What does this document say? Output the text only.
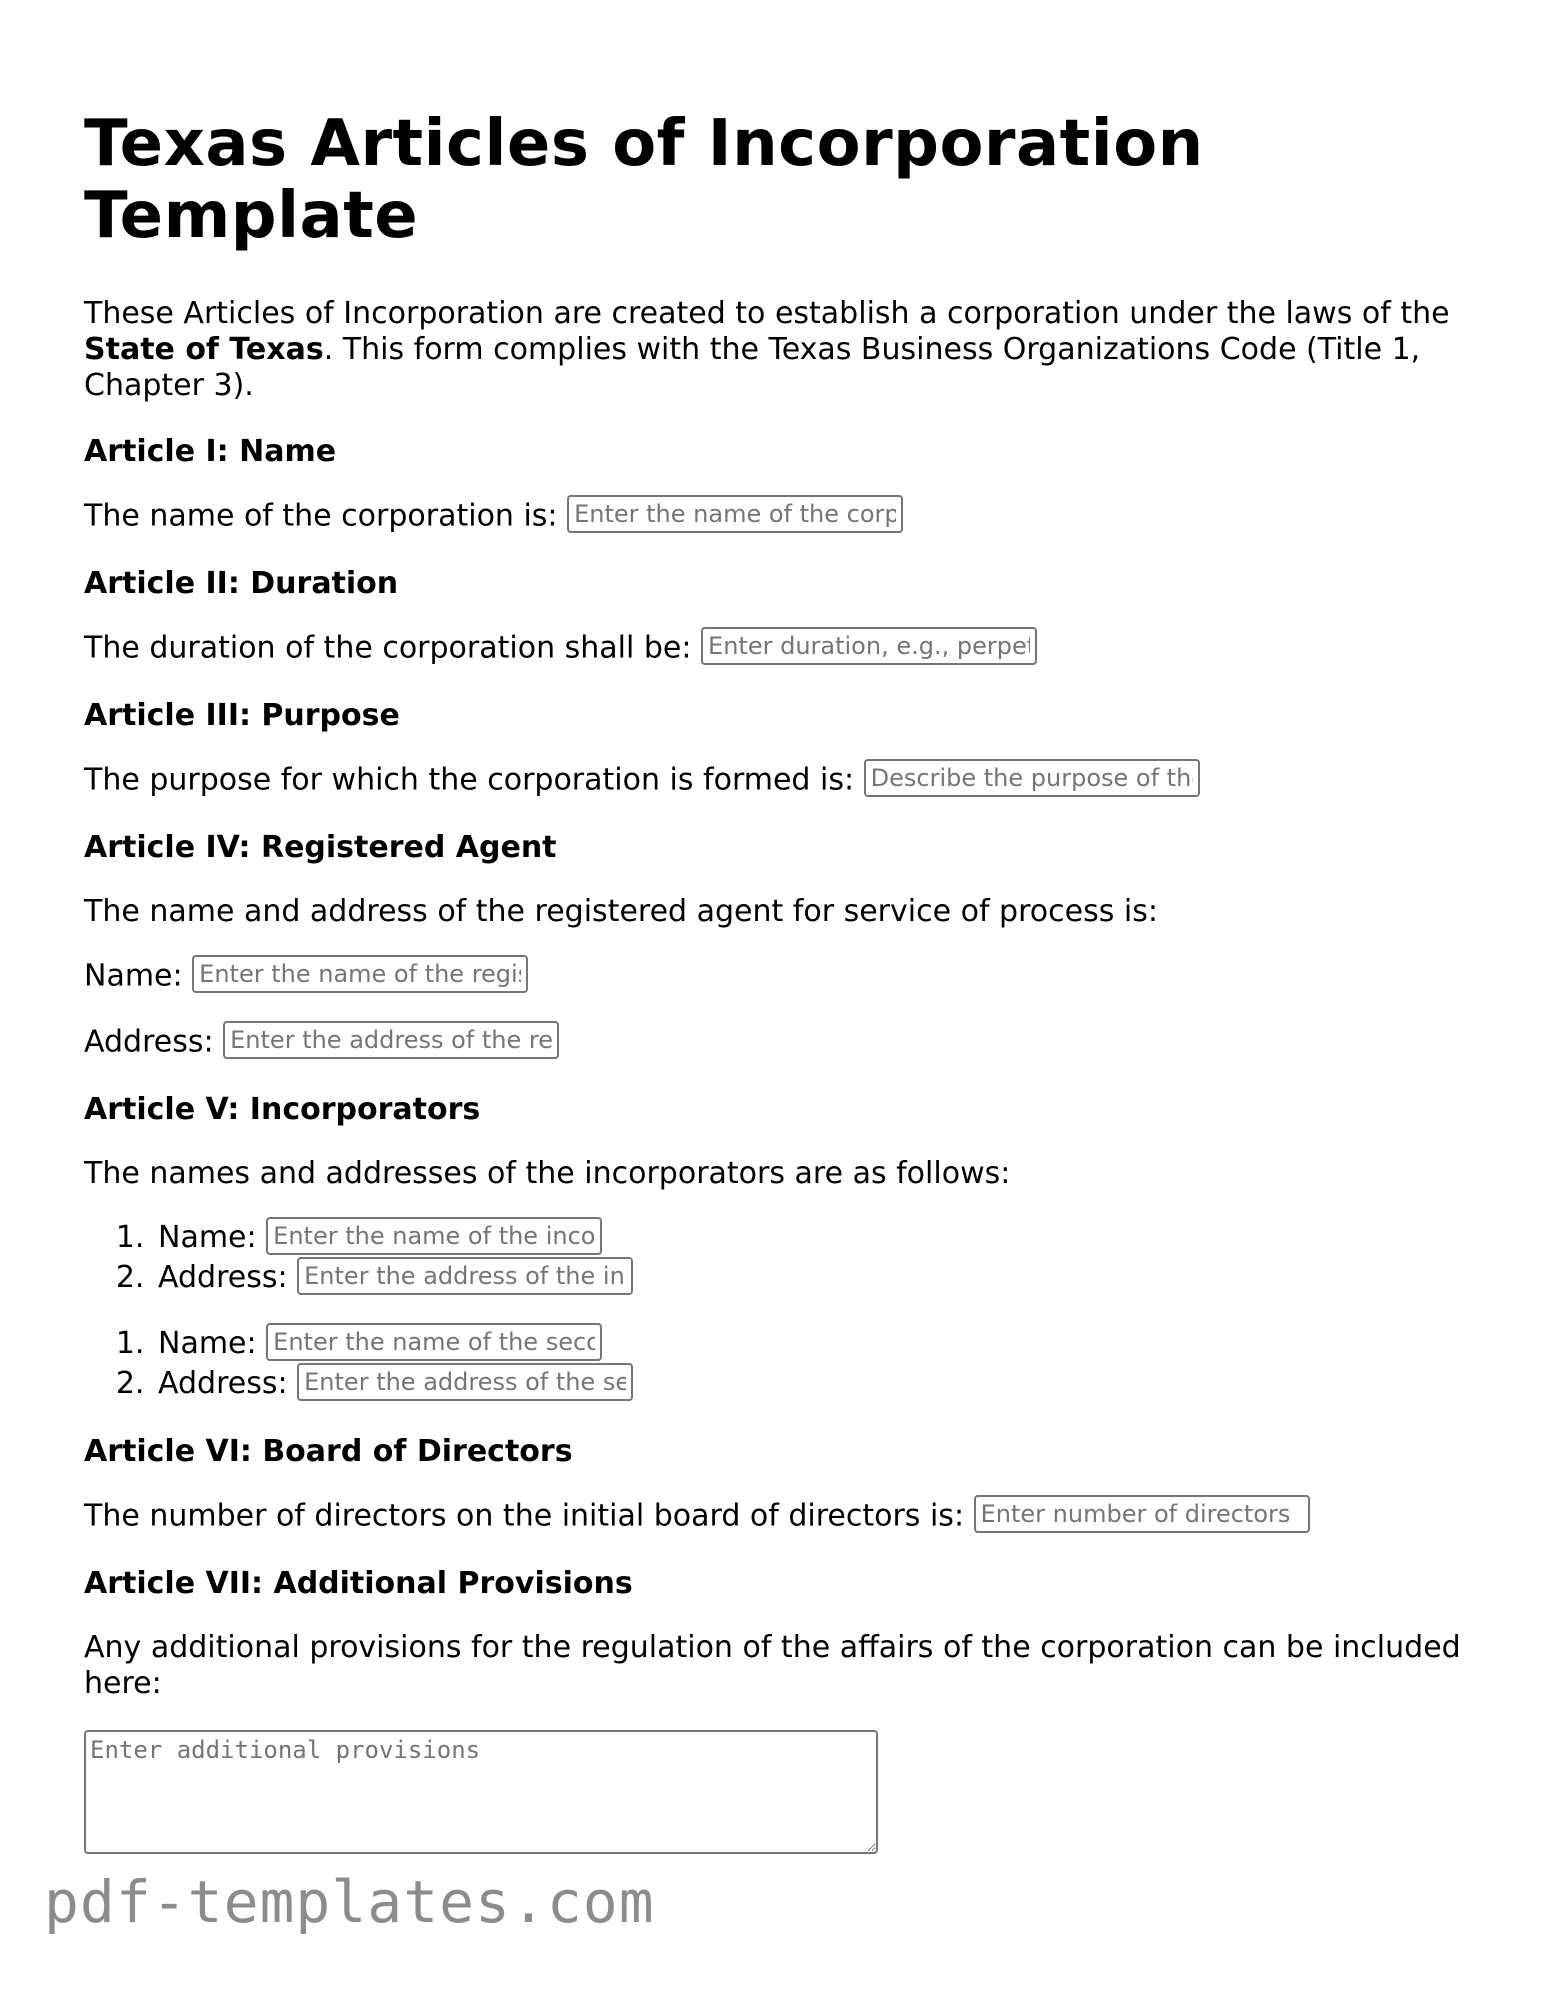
Texas Articles of Incorporation Template

These Articles of Incorporation are created to establish a corporation under the laws of the State of Texas. This form complies with the Texas Business Organizations Code (Title 1, Chapter 3).

Article I: Name

The name of the corporation is: Enter the name of the corporation

Article II: Duration

The duration of the corporation shall be: Enter duration, e.g., perpetual

Article III: Purpose

The purpose for which the corporation is formed is: Describe the purpose of the corporation

Article IV: Registered Agent

The name and address of the registered agent for service of process is:

Name: Enter the name of the registered agent

Address: Enter the address of the registered agent

Article V: Incorporators

The names and addresses of the incorporators are as follows:

1. Name: Enter the name of the incorporator
2. Address: Enter the address of the incorporator
1. Name: Enter the name of the second incorporator
2. Address: Enter the address of the second incorporator
Article VI: Board of Directors

The number of directors on the initial board of directors is: Enter number of directors

Article VII: Additional Provisions

Any additional provisions for the regulation of the affairs of the corporation can be included here:

Enter additional provisions
pdf-templates.com
